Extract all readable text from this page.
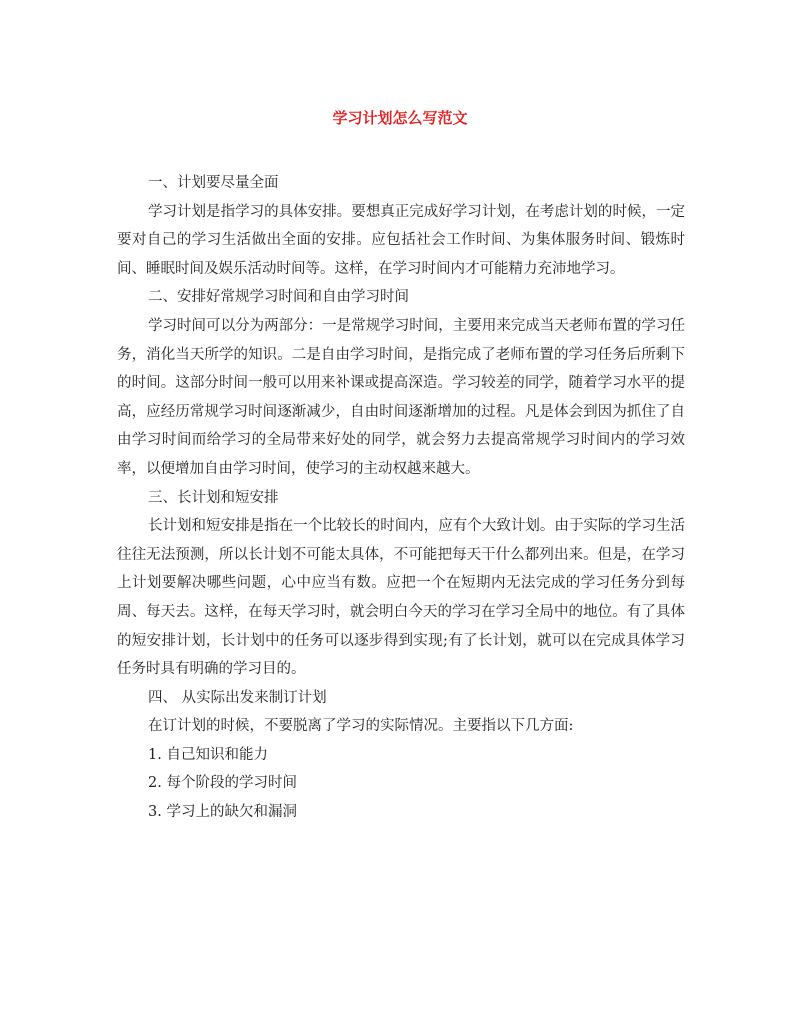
学习计划怎么写范文

一、计划要尽量全面

学习计划是指学习的具体安排。要想真正完成好学习计划，在考虑计划的时候，一定要对自己的学习生活做出全面的安排。应包括社会工作时间、为集体服务时间、锻炼时间、睡眠时间及娱乐活动时间等。这样，在学习时间内才可能精力充沛地学习。

二、安排好常规学习时间和自由学习时间

学习时间可以分为两部分：一是常规学习时间，主要用来完成当天老师布置的学习任务，消化当天所学的知识。二是自由学习时间，是指完成了老师布置的学习任务后所剩下的时间。这部分时间一般可以用来补课或提高深造。学习较差的同学，随着学习水平的提高，应经历常规学习时间逐渐减少，自由时间逐渐增加的过程。凡是体会到因为抓住了自由学习时间而给学习的全局带来好处的同学，就会努力去提高常规学习时间内的学习效率，以便增加自由学习时间，使学习的主动权越来越大。

三、长计划和短安排

长计划和短安排是指在一个比较长的时间内，应有个大致计划。由于实际的学习生活往往无法预测，所以长计划不可能太具体，不可能把每天干什么都列出来。但是，在学习上计划要解决哪些问题，心中应当有数。应把一个在短期内无法完成的学习任务分到每周、每天去。这样，在每天学习时，就会明白今天的学习在学习全局中的地位。有了具体的短安排计划，长计划中的任务可以逐步得到实现;有了长计划，就可以在完成具体学习任务时具有明确的学习目的。

四、 从实际出发来制订计划

在订计划的时候，不要脱离了学习的实际情况。主要指以下几方面:

1. 自己知识和能力

2. 每个阶段的学习时间

3. 学习上的缺欠和漏洞
